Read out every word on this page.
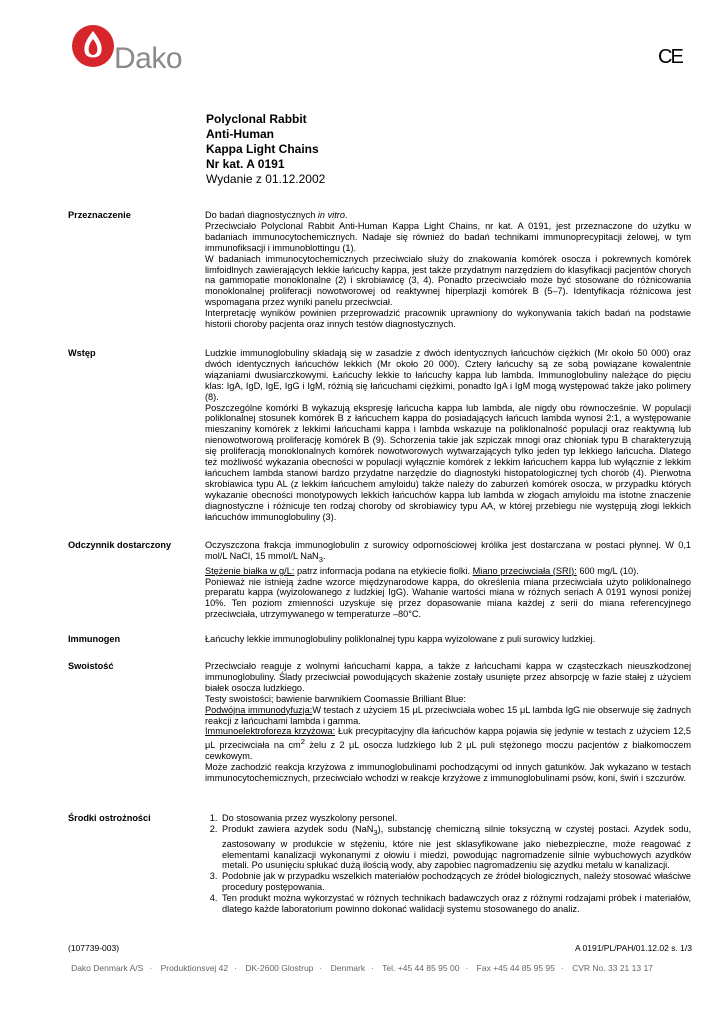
Dako	CE
Polyclonal Rabbit
Anti-Human
Kappa Light Chains
Nr kat. A 0191
Wydanie z 01.12.2002
Przeznaczenie	Do badań diagnostycznych in vitro.

Przeciwciało Polyclonal Rabbit Anti-Human Kappa Light Chains, nr kat. A 0191, jest przeznaczone do użytku w badaniach immunocytochemicznych. Nadaje się również do badań technikami immunoprecypitacji żelowej, w tym immunofiksacji i immunoblottingu (1).

W badaniach immunocytochemicznych przeciwciało służy do znakowania komórek osocza i pokrewnych komórek limfoidlnych zawierających lekkie łańcuchy kappa, jest także przydatnym narzędziem do klasyfikacji pacjentów chorych na gammopatie monoklonalne (2) i skrobiawicę (3, 4). Ponadto przeciwciało może być stosowane do różnicowania monoklonalnej proliferacji nowotworowej od reaktywnej hiperplazji komórek B (5–7). Identyfikacja różnicowa jest wspomagana przez wyniki panelu przeciwciał.

Interpretację wyników powinien przeprowadzić pracownik uprawniony do wykonywania takich badań na podstawie historii choroby pacjenta oraz innych testów diagnostycznych.

Wstęp	Ludzkie immunoglobuliny składają się w zasadzie z dwóch identycznych łańcuchów ciężkich (Mr około 50 000) oraz dwóch identycznych łańcuchów lekkich (Mr około 20 000). Cztery łańcuchy są ze sobą powiązane kowalentnie wiązaniami dwusiarczkowymi. Łańcuchy lekkie to łańcuchy kappa lub lambda. Immunoglobuliny należące do pięciu klas: IgA, IgD, IgE, IgG i IgM, różnią się łańcuchami ciężkimi, ponadto IgA i IgM mogą występować także jako polimery (8).

Poszczególne komórki B wykazują ekspresję łańcucha kappa lub lambda, ale nigdy obu równocześnie. W populacji poliklonalnej stosunek komórek B z łańcuchem kappa do posiadających łańcuch lambda wynosi 2:1, a występowanie mieszaniny komórek z lekkimi łańcuchami kappa i lambda wskazuje na poliklonalność populacji oraz reaktywną lub nienowotworową proliferację komórek B (9). Schorzenia takie jak szpiczak mnogi oraz chłoniak typu B charakteryzują się proliferacją monoklonalnych komórek nowotworowych wytwarzających tylko jeden typ lekkiego łańcucha. Dlatego też możliwość wykazania obecności w populacji wyłącznie komórek z lekkim łańcuchem kappa lub wyłącznie z lekkim łańcuchem lambda stanowi bardzo przydatne narzędzie do diagnostyki histopatologicznej tych chorób (4). Pierwotna skrobiawica typu AL (z lekkim łańcuchem amyloidu) także należy do zaburzeń komórek osocza, w przypadku których wykazanie obecności monotypowych lekkich łańcuchów kappa lub lambda w złogach amyloidu ma istotne znaczenie diagnostyczne i różnicuje ten rodzaj choroby od skrobiawicy typu AA, w której przebiegu nie występują złogi lekkich łańcuchów immunoglobuliny (3).

Odczynnik dostarczony	Oczyszczona frakcja immunoglobulin z surowicy odpornościowej królika jest dostarczana w postaci płynnej. W 0,1 mol/L NaCl, 15 mmol/L NaN$_3$.

Stężenie białka w g/L: patrz informacja podana na etykiecie fiolki. Miano przeciwciała (SRI): 600 mg/L (10).

Ponieważ nie istnieją żadne wzorce międzynarodowe kappa, do określenia miana przeciwciała użyto poliklonalnego preparatu kappa (wyizolowanego z ludzkiej IgG). Wahanie wartości miana w różnych seriach A 0191 wynosi poniżej 10%. Ten poziom zmienności uzyskuje się przez dopasowanie miana każdej z serii do miana referencyjnego przeciwciała, utrzymywanego w temperaturze –80°C.

Immunogen	Łańcuchy lekkie immunoglobuliny poliklonalnej typu kappa wyizolowane z puli surowicy ludzkiej.

Swoistość	Przeciwciało reaguje z wolnymi łańcuchami kappa, a także z łańcuchami kappa w cząsteczkach nieuszkodzonej immunoglobuliny. Ślady przeciwciał powodujących skażenie zostały usunięte przez absorpcję w fazie stałej z użyciem białek osocza ludzkiego.

Testy swoistości; bawienie barwnikiem Coomassie Brilliant Blue:

Podwójna immunodyfuzja:W testach z użyciem 15 μL przeciwciała wobec 15 μL lambda IgG nie obserwuje się żadnych reakcji z łańcuchami lambda i gamma.

Immunoelektroforeza krzyżowa: Łuk precypitacyjny dla łańcuchów kappa pojawia się jedynie w testach z użyciem 12,5 μL przeciwciała na $cm^2$ żelu z 2 μL osocza ludzkiego lub 2 μL puli stężonego moczu pacjentów z białkomoczem cewkowym.

Może zachodzić reakcja krzyżowa z immunoglobulinami pochodzącymi od innych gatunków. Jak wykazano w testach immunocytochemicznych, przeciwciało wchodzi w reakcje krzyżowe z immunoglobulinami psów, koni, świń i szczurów.

Środki ostrożności
1.	Do stosowania przez wyszkolony personel.
2. Produkt zawiera azydek sodu (NaN$_3$), substancję chemiczną silnie toksyczną w czystej postaci. Azydek sodu, zastosowany w produkcie w stężeniu, które nie jest sklasyfikowane jako niebezpieczne, może reagować z elementami kanalizacji wykonanymi z ołowiu i miedzi, powodując nagromadzenie silnie wybuchowych azydków metali. Po usunięciu spłukać dużą ilością wody, aby zapobiec nagromadzeniu się azydku metalu w kanalizacji.
3. Podobnie jak w przypadku wszelkich materiałów pochodzących ze źródeł biologicznych, należy stosować właściwe procedury postępowania.
4. Ten produkt można wykorzystać w różnych technikach badawczych oraz z różnymi rodzajami próbek i materiałów, dlatego każde laboratorium powinno dokonać walidacji systemu stosowanego do analiz.
(107739-003)	A 0191/PL/PAH/01.12.02 s. 1/3
Dako Denmark A/S · Produktionsvej 42 · DK-2600 Glostrup · Denmark · Tel. +45 44 85 95 00 · Fax +45 44 85 95 95 · CVR No. 33 21 13 17
